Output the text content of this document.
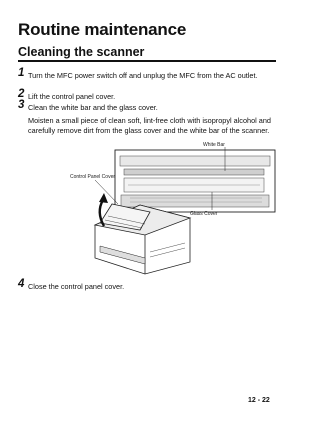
Routine maintenance
Cleaning the scanner
1 Turn the MFC power switch off and unplug the MFC from the AC outlet.
2 Lift the control panel cover.
3 Clean the white bar and the glass cover.
Moisten a small piece of clean soft, lint-free cloth with isopropyl alcohol and carefully remove dirt from the glass cover and the white bar of the scanner.
White Bar
Control Panel Cover
Glass Cover
4 Close the control panel cover.
12 - 22
